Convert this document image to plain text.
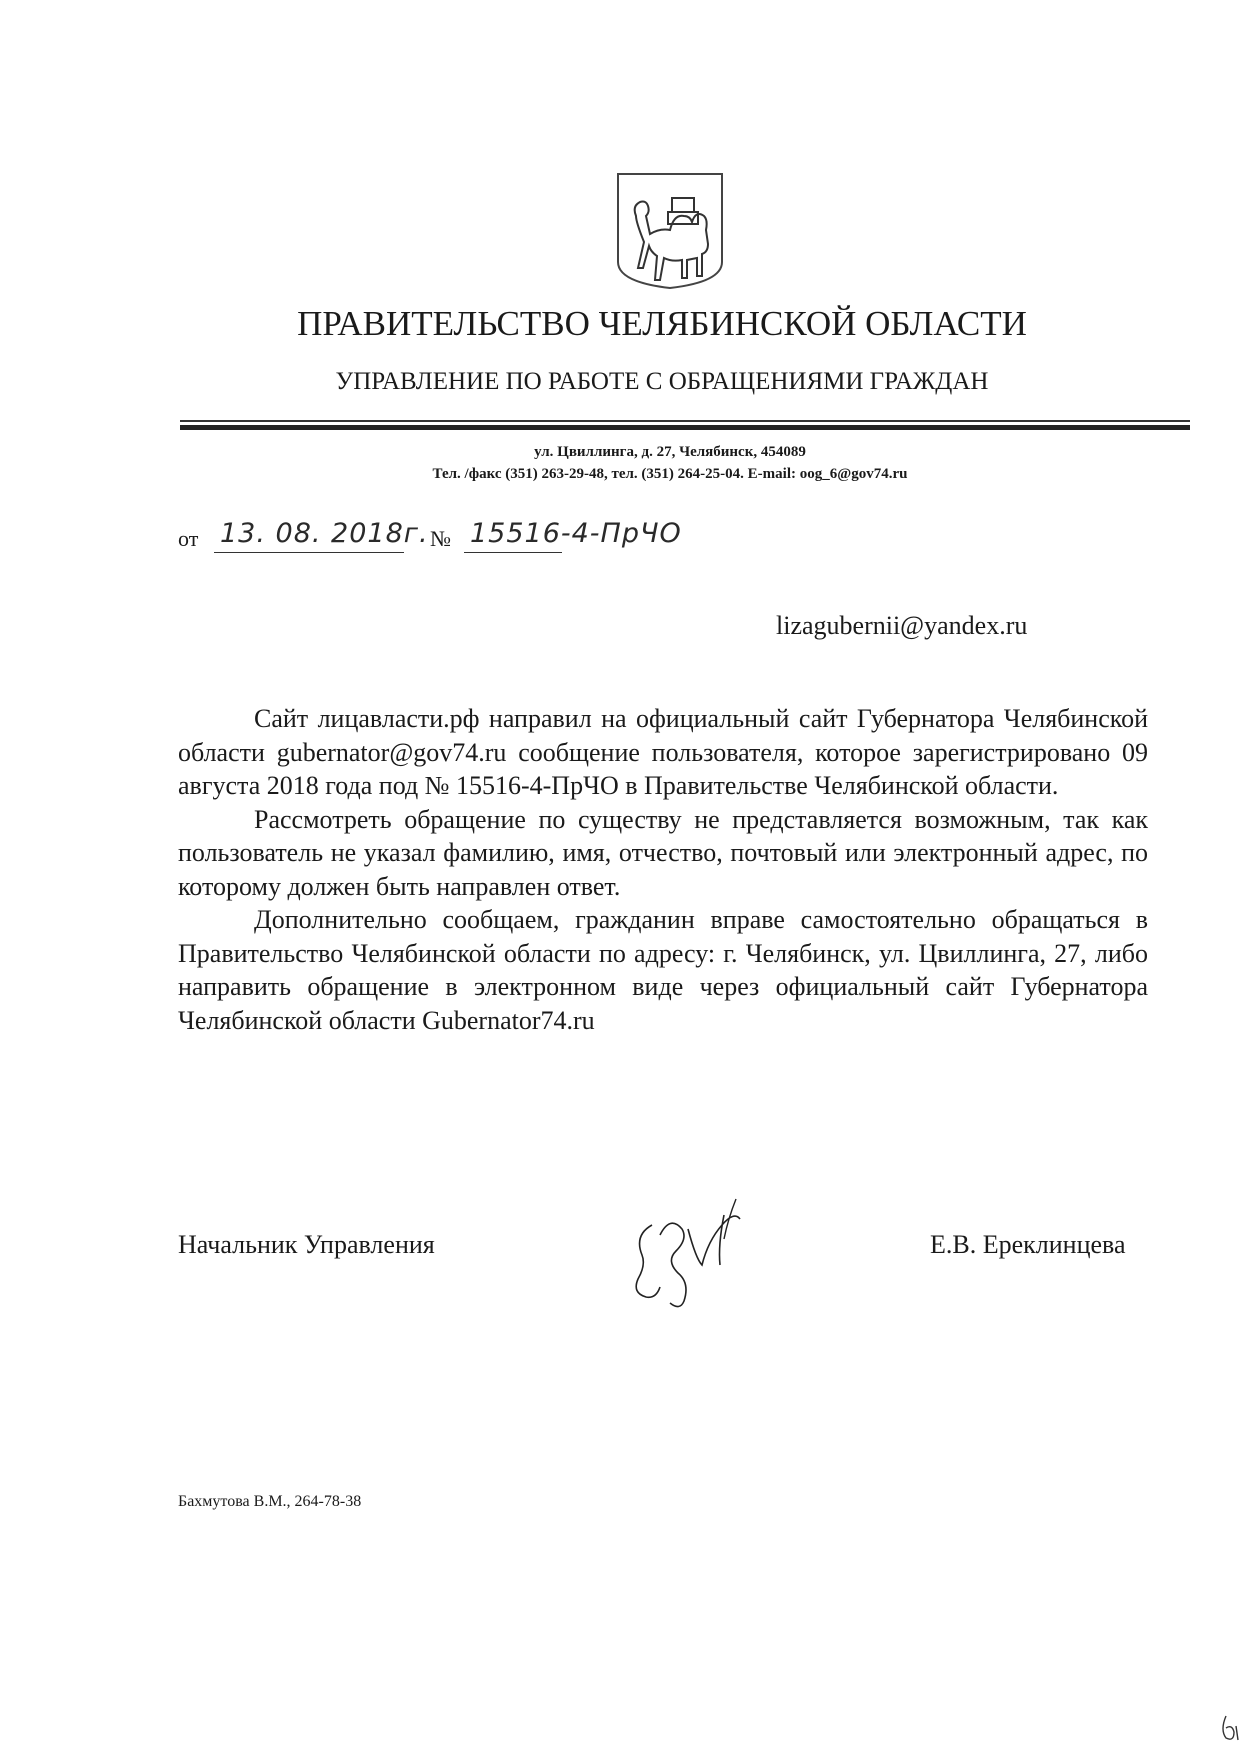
ПРАВИТЕЛЬСТВО ЧЕЛЯБИНСКОЙ ОБЛАСТИ
УПРАВЛЕНИЕ ПО РАБОТЕ С ОБРАЩЕНИЯМИ ГРАЖДАН
ул. Цвиллинга, д. 27, Челябинск, 454089
Тел. /факс (351) 263-29-48, тел. (351) 264-25-04. E-mail: oog_6@gov74.ru
от 13. 08. 2018г. № 15516-4-ПрЧО
lizagubernii@yandex.ru

Сайт лицавласти.рф направил на официальный сайт Губернатора Челябинской области gubernator@gov74.ru сообщение пользователя, которое зарегистрировано 09 августа 2018 года под № 15516-4-ПрЧО в Правительстве Челябинской области.

Рассмотреть обращение по существу не представляется возможным, так как пользователь не указал фамилию, имя, отчество, почтовый или электронный адрес, по которому должен быть направлен ответ.

Дополнительно сообщаем, гражданин вправе самостоятельно обращаться в Правительство Челябинской области по адресу: г. Челябинск, ул. Цвиллинга, 27, либо направить обращение в электронном виде через официальный сайт Губернатора Челябинской области Gubernator74.ru

Начальник Управления	Е.В. Ереклинцева
Бахмутова В.М., 264-78-38
